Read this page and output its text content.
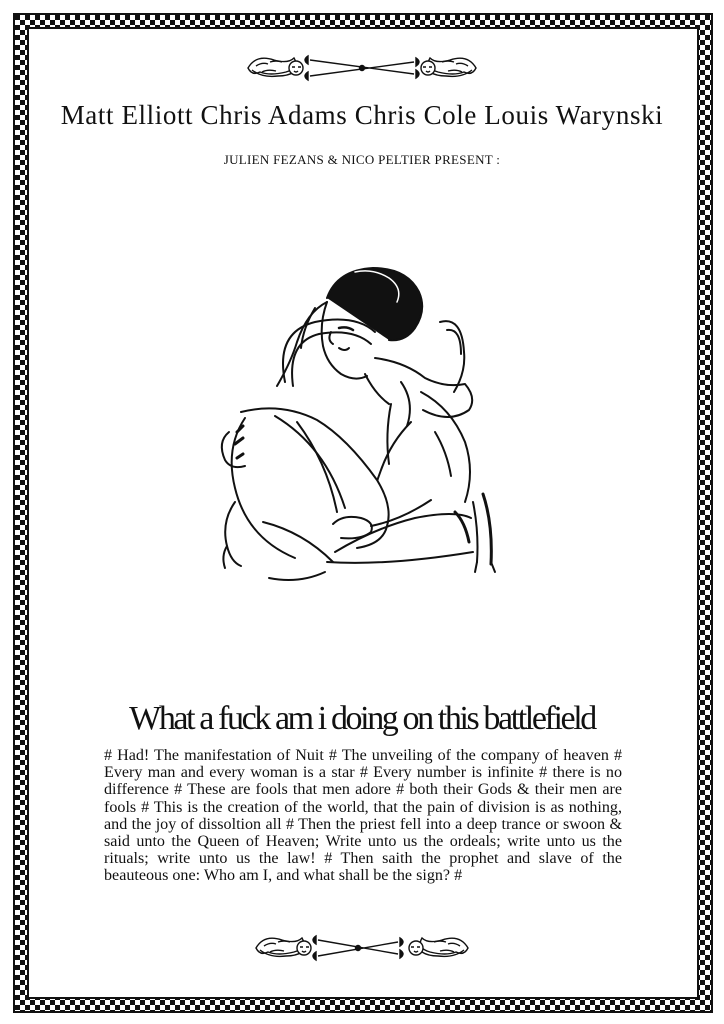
Matt Elliott Chris Adams Chris Cole Louis Warynski
JULIEN FEZANS & NICO PELTIER PRESENT :
What a fuck am i doing on this battlefield
# Had! The manifestation of Nuit # The unveiling of the company of heaven # Every man and every woman is a star # Every number is infinite # there is no difference # These are fools that men adore # both their Gods & their men are fools # This is the creation of the world, that the pain of division is as nothing, and the joy of dissoltion all # Then the priest fell into a deep trance or swoon & said unto the Queen of Heaven; Write unto us the ordeals; write unto us the rituals; write unto us the law! # Then saith the prophet and slave of the beauteous one: Who am I, and what shall be the sign? #
